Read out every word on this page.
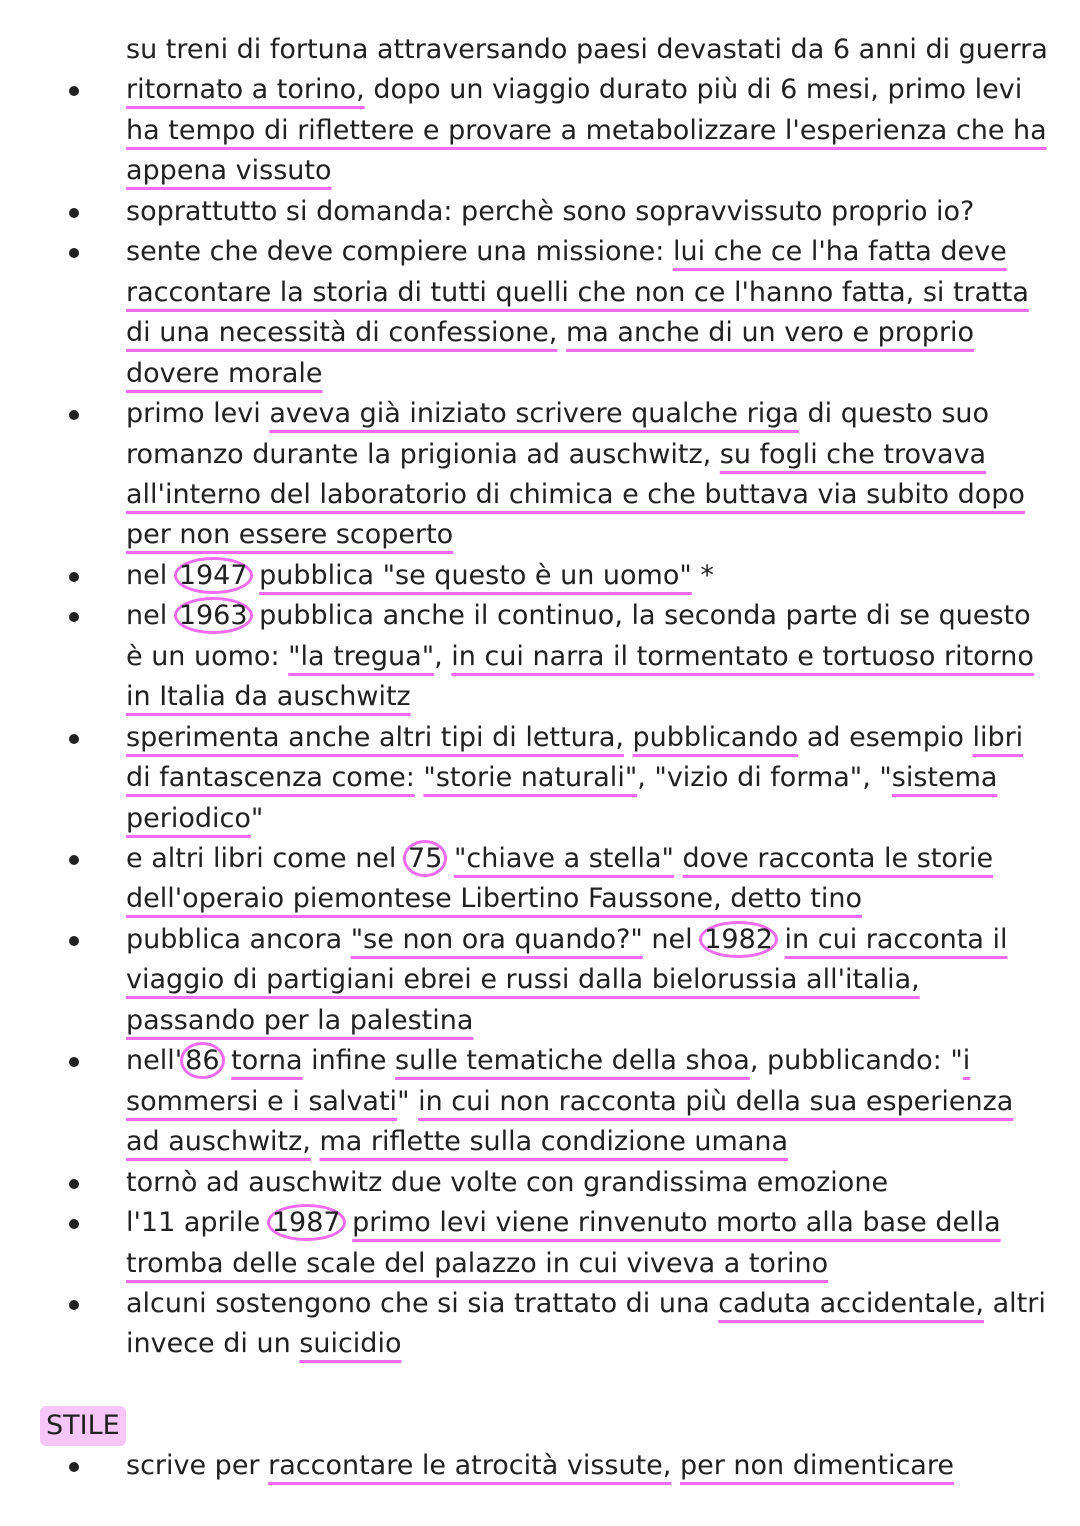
su treni di fortuna attraversando paesi devastati da 6 anni di guerra
ritornato a torino, dopo un viaggio durato più di 6 mesi, primo levi
ha tempo di riflettere e provare a metabolizzare l'esperienza che ha
appena vissuto
soprattutto si domanda: perchè sono sopravvissuto proprio io?
sente che deve compiere una missione: lui che ce l'ha fatta deve
raccontare la storia di tutti quelli che non ce l'hanno fatta, si tratta
di una necessità di confessione, ma anche di un vero e proprio
dovere morale
primo levi aveva già iniziato scrivere qualche riga di questo suo
romanzo durante la prigionia ad auschwitz, su fogli che trovava
all'interno del laboratorio di chimica e che buttava via subito dopo
per non essere scoperto
nel 1947 pubblica "se questo è un uomo" *
nel 1963 pubblica anche il continuo, la seconda parte di se questo
è un uomo: "la tregua", in cui narra il tormentato e tortuoso ritorno
in Italia da auschwitz
sperimenta anche altri tipi di lettura, pubblicando ad esempio libri
di fantascenza come: "storie naturali", "vizio di forma", "sistema
periodico"
e altri libri come nel 75 "chiave a stella" dove racconta le storie
dell'operaio piemontese Libertino Faussone, detto tino
pubblica ancora "se non ora quando?" nel 1982 in cui racconta il
viaggio di partigiani ebrei e russi dalla bielorussia all'italia,
passando per la palestina
nell' 86 torna infine sulle tematiche della shoa, pubblicando: "i
sommersi e i salvati" in cui non racconta più della sua esperienza
ad auschwitz, ma riflette sulla condizione umana
tornò ad auschwitz due volte con grandissima emozione
l'11 aprile 1987 primo levi viene rinvenuto morto alla base della
tromba delle scale del palazzo in cui viveva a torino
alcuni sostengono che si sia trattato di una caduta accidentale, altri
invece di un suicidio
STILE
scrive per raccontare le atrocità vissute, per non dimenticare
